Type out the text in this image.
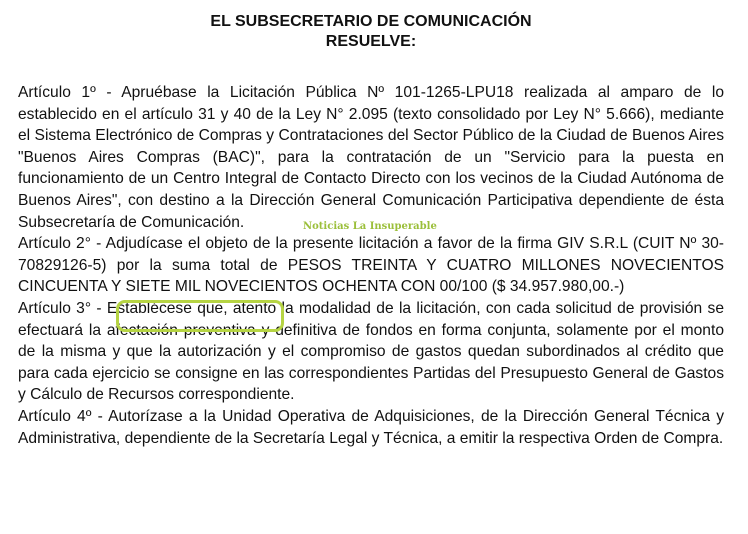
EL SUBSECRETARIO DE COMUNICACIÓN

RESUELVE:

Artículo 1º - Apruébase la Licitación Pública Nº 101-1265-LPU18 realizada al amparo de lo establecido en el artículo 31 y 40 de la Ley N° 2.095 (texto consolidado por Ley N° 5.666), mediante el Sistema Electrónico de Compras y Contrataciones del Sector Público de la Ciudad de Buenos Aires "Buenos Aires Compras (BAC)", para la contratación de un "Servicio para la puesta en funcionamiento de un Centro Integral de Contacto Directo con los vecinos de la Ciudad Autónoma de Buenos Aires", con destino a la Dirección General Comunicación Participativa dependiente de ésta Subsecretaría de Comunicación.

Artículo 2° - Adjudícase el objeto de la presente licitación a favor de la firma GIV S.R.L (CUIT Nº 30-70829126-5) por la suma total de PESOS TREINTA Y CUATRO MILLONES NOVECIENTOS CINCUENTA Y SIETE MIL NOVECIENTOS OCHENTA CON 00/100 ($ 34.957.980,00.-)

Artículo 3° - Establécese que, atento la modalidad de la licitación, con cada solicitud de provisión se efectuará la afectación preventiva y definitiva de fondos en forma conjunta, solamente por el monto de la misma y que la autorización y el compromiso de gastos quedan subordinados al crédito que para cada ejercicio se consigne en las correspondientes Partidas del Presupuesto General de Gastos y Cálculo de Recursos correspondiente.

Artículo 4º - Autorízase a la Unidad Operativa de Adquisiciones, de la Dirección General Técnica y Administrativa, dependiente de la Secretaría Legal y Técnica, a emitir la respectiva Orden de Compra.

Noticias La Insuperable
